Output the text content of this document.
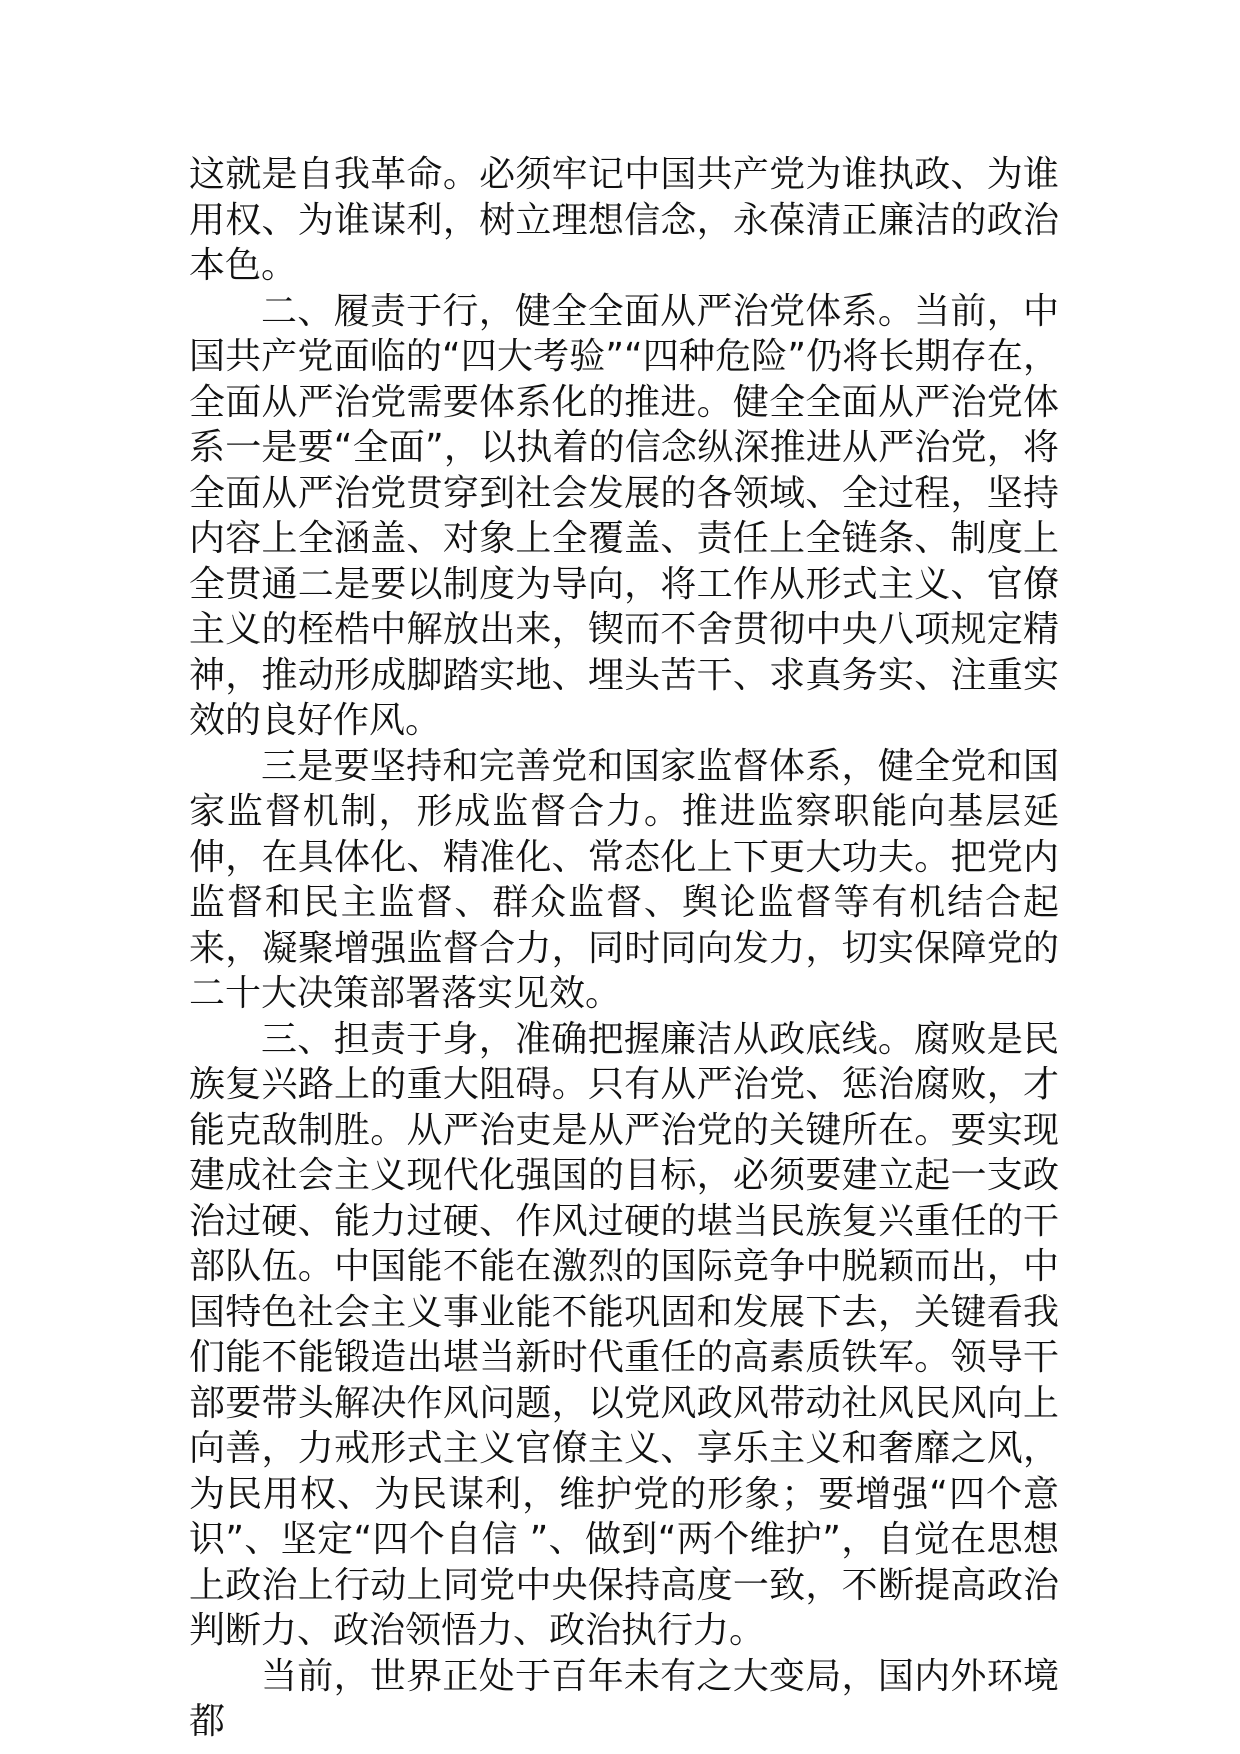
这就是自我革命。必须牢记中国共产党为谁执政、为谁用权、为谁谋利，树立理想信念，永葆清正廉洁的政治本色。

二、履责于行，健全全面从严治党体系。当前，中国共产党面临的“四大考验”“四种危险”仍将长期存在，全面从严治党需要体系化的推进。健全全面从严治党体系一是要“全面”，以执着的信念纵深推进从严治党，将全面从严治党贯穿到社会发展的各领域、全过程，坚持内容上全涵盖、对象上全覆盖、责任上全链条、制度上全贯通二是要以制度为导向，将工作从形式主义、官僚主义的桎梏中解放出来，锲而不舍贯彻中央八项规定精神，推动形成脚踏实地、埋头苦干、求真务实、注重实效的良好作风。

三是要坚持和完善党和国家监督体系，健全党和国家监督机制，形成监督合力。推进监察职能向基层延伸，在具体化、精准化、常态化上下更大功夫。把党内监督和民主监督、群众监督、舆论监督等有机结合起来，凝聚增强监督合力，同时同向发力，切实保障党的二十大决策部署落实见效。

三、担责于身，准确把握廉洁从政底线。腐败是民族复兴路上的重大阻碍。只有从严治党、惩治腐败，才能克敌制胜。从严治吏是从严治党的关键所在。要实现建成社会主义现代化强国的目标，必须要建立起一支政治过硬、能力过硬、作风过硬的堪当民族复兴重任的干部队伍。中国能不能在激烈的国际竞争中脱颖而出，中国特色社会主义事业能不能巩固和发展下去，关键看我们能不能锻造出堪当新时代重任的高素质铁军。领导干部要带头解决作风问题，以党风政风带动社风民风向上向善，力戒形式主义官僚主义、享乐主义和奢靡之风，为民用权、为民谋利，维护党的形象；要增强“四个意识”、坚定“四个自信 ”、做到“两个维护”，自觉在思想上政治上行动上同党中央保持高度一致，不断提高政治判断力、政治领悟力、政治执行力。

当前，世界正处于百年未有之大变局，国内外环境都
